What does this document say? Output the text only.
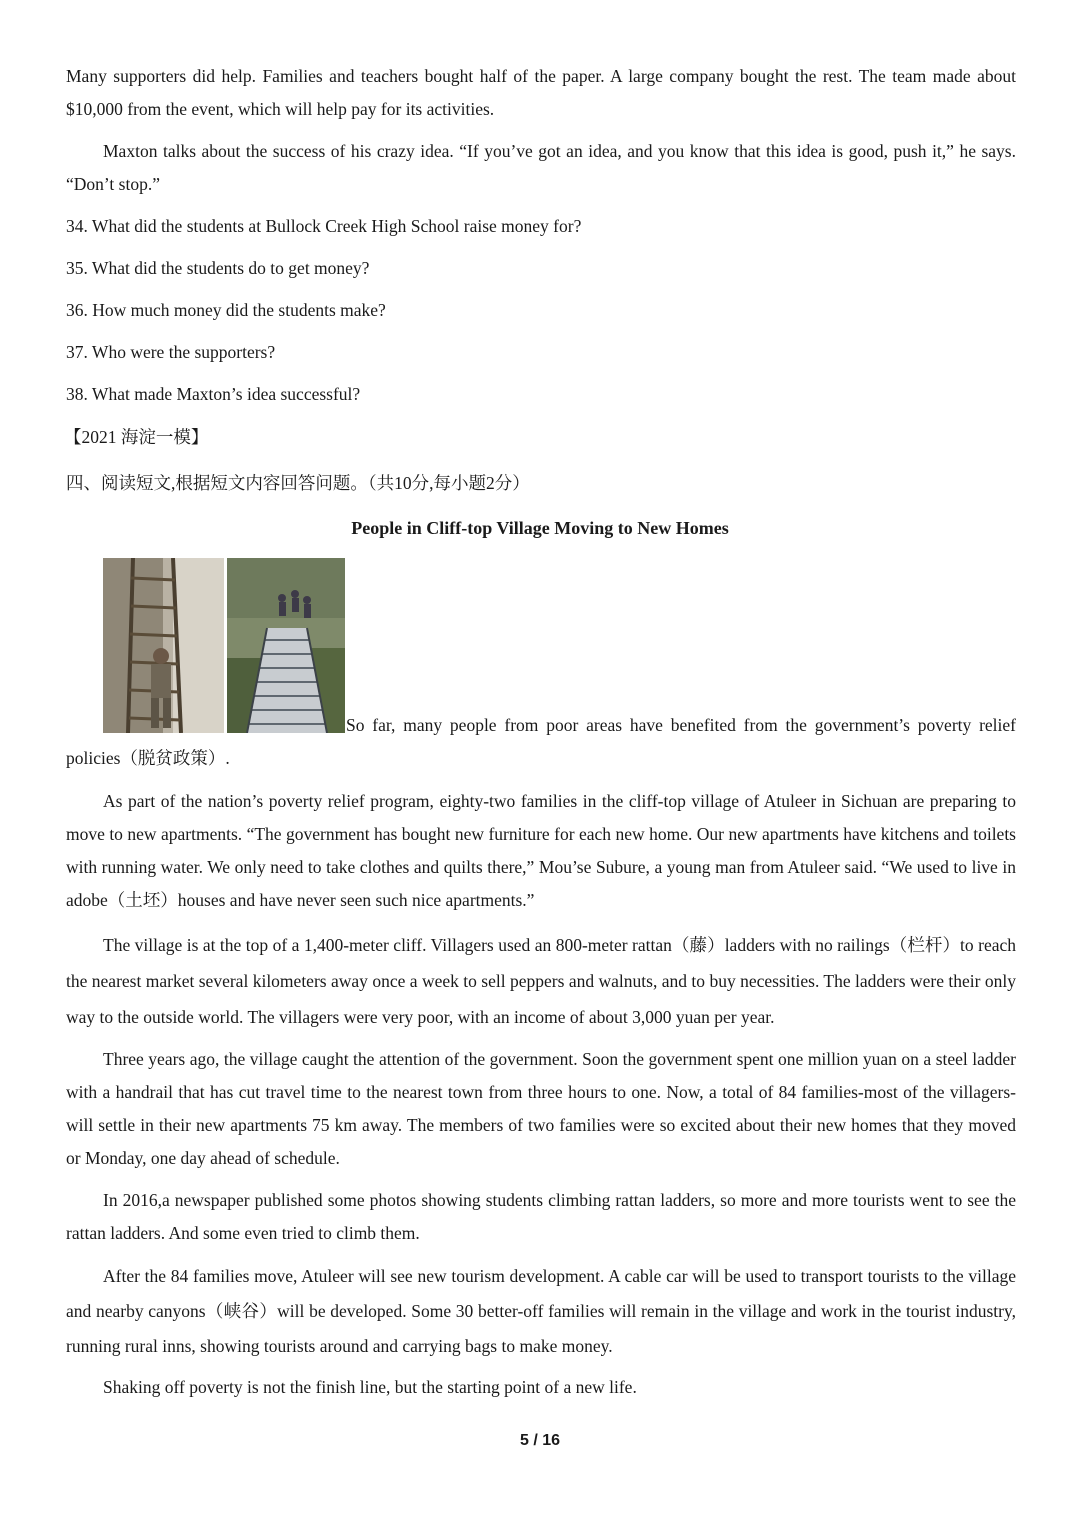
Many supporters did help. Families and teachers bought half of the paper. A large company bought the rest. The team made about $10,000 from the event, which will help pay for its activities.

Maxton talks about the success of his crazy idea. “If you’ve got an idea, and you know that this idea is good, push it,” he says. “Don’t stop.”

34. What did the students at Bullock Creek High School raise money for?
35. What did the students do to get money?
36. How much money did the students make?
37. Who were the supporters?
38. What made Maxton’s idea successful?
【2021 海淀一模】
四、阅读短文,根据短文内容回答问题。（共10分,每小题2分）
People in Cliff-top Village Moving to New Homes

So far, many people from poor areas have benefited from the government’s poverty relief policies（脱贫政策）.

As part of the nation’s poverty relief program, eighty-two families in the cliff-top village of Atuleer in Sichuan are preparing to move to new apartments. “The government has bought new furniture for each new home. Our new apartments have kitchens and toilets with running water. We only need to take clothes and quilts there,” Mou’se Subure, a young man from Atuleer said. “We used to live in adobe（土坯）houses and have never seen such nice apartments.”

The village is at the top of a 1,400-meter cliff. Villagers used an 800-meter rattan（藤）ladders with no railings（栏杆）to reach the nearest market several kilometers away once a week to sell peppers and walnuts, and to buy necessities. The ladders were their only way to the outside world. The villagers were very poor, with an income of about 3,000 yuan per year.

Three years ago, the village caught the attention of the government. Soon the government spent one million yuan on a steel ladder with a handrail that has cut travel time to the nearest town from three hours to one. Now, a total of 84 families-most of the villagers-will settle in their new apartments 75 km away. The members of two families were so excited about their new homes that they moved or Monday, one day ahead of schedule.

In 2016,a newspaper published some photos showing students climbing rattan ladders, so more and more tourists went to see the rattan ladders. And some even tried to climb them.

After the 84 families move, Atuleer will see new tourism development. A cable car will be used to transport tourists to the village and nearby canyons（峡谷）will be developed. Some 30 better-off families will remain in the village and work in the tourist industry, running rural inns, showing tourists around and carrying bags to make money.

Shaking off poverty is not the finish line, but the starting point of a new life.

5 / 16
